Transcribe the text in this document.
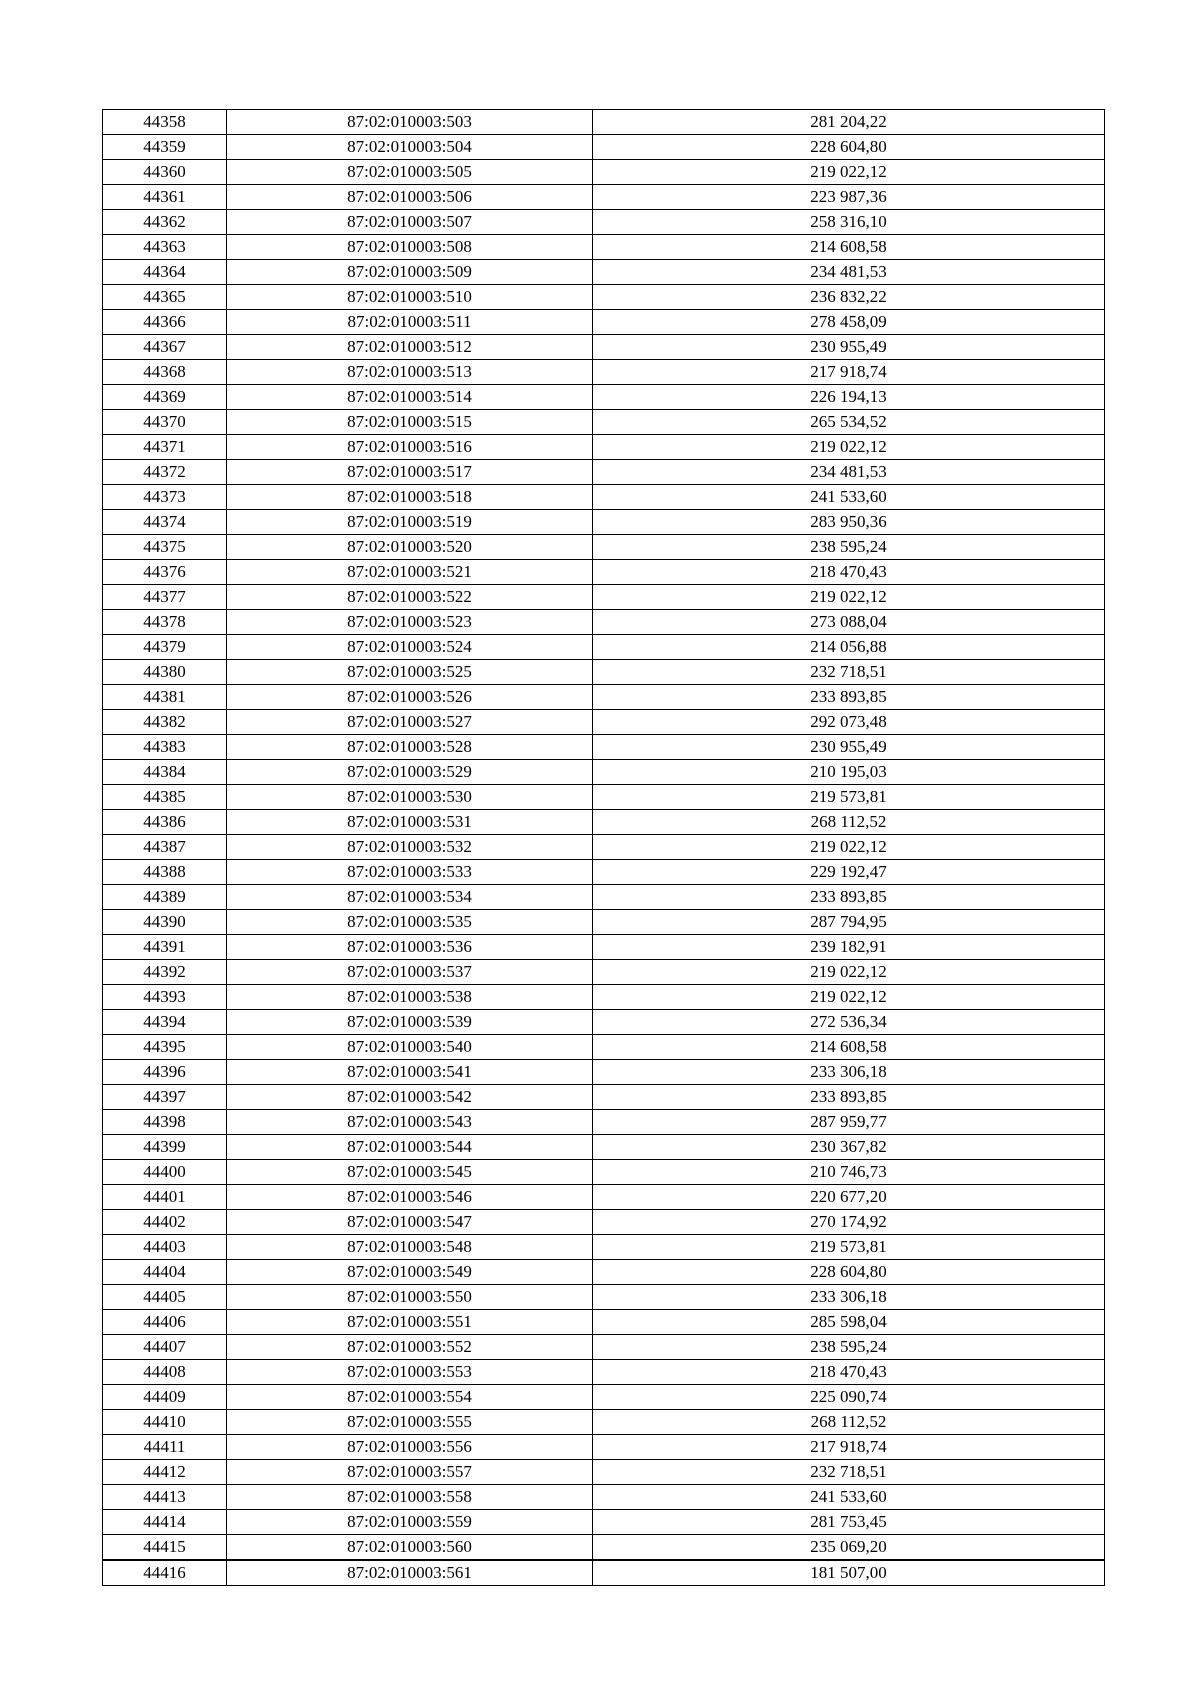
44358	87:02:010003:503	281 204,22
44359	87:02:010003:504	228 604,80
44360	87:02:010003:505	219 022,12
44361	87:02:010003:506	223 987,36
44362	87:02:010003:507	258 316,10
44363	87:02:010003:508	214 608,58
44364	87:02:010003:509	234 481,53
44365	87:02:010003:510	236 832,22
44366	87:02:010003:511	278 458,09
44367	87:02:010003:512	230 955,49
44368	87:02:010003:513	217 918,74
44369	87:02:010003:514	226 194,13
44370	87:02:010003:515	265 534,52
44371	87:02:010003:516	219 022,12
44372	87:02:010003:517	234 481,53
44373	87:02:010003:518	241 533,60
44374	87:02:010003:519	283 950,36
44375	87:02:010003:520	238 595,24
44376	87:02:010003:521	218 470,43
44377	87:02:010003:522	219 022,12
44378	87:02:010003:523	273 088,04
44379	87:02:010003:524	214 056,88
44380	87:02:010003:525	232 718,51
44381	87:02:010003:526	233 893,85
44382	87:02:010003:527	292 073,48
44383	87:02:010003:528	230 955,49
44384	87:02:010003:529	210 195,03
44385	87:02:010003:530	219 573,81
44386	87:02:010003:531	268 112,52
44387	87:02:010003:532	219 022,12
44388	87:02:010003:533	229 192,47
44389	87:02:010003:534	233 893,85
44390	87:02:010003:535	287 794,95
44391	87:02:010003:536	239 182,91
44392	87:02:010003:537	219 022,12
44393	87:02:010003:538	219 022,12
44394	87:02:010003:539	272 536,34
44395	87:02:010003:540	214 608,58
44396	87:02:010003:541	233 306,18
44397	87:02:010003:542	233 893,85
44398	87:02:010003:543	287 959,77
44399	87:02:010003:544	230 367,82
44400	87:02:010003:545	210 746,73
44401	87:02:010003:546	220 677,20
44402	87:02:010003:547	270 174,92
44403	87:02:010003:548	219 573,81
44404	87:02:010003:549	228 604,80
44405	87:02:010003:550	233 306,18
44406	87:02:010003:551	285 598,04
44407	87:02:010003:552	238 595,24
44408	87:02:010003:553	218 470,43
44409	87:02:010003:554	225 090,74
44410	87:02:010003:555	268 112,52
44411	87:02:010003:556	217 918,74
44412	87:02:010003:557	232 718,51
44413	87:02:010003:558	241 533,60
44414	87:02:010003:559	281 753,45
44415	87:02:010003:560	235 069,20
44416	87:02:010003:561	181 507,00
